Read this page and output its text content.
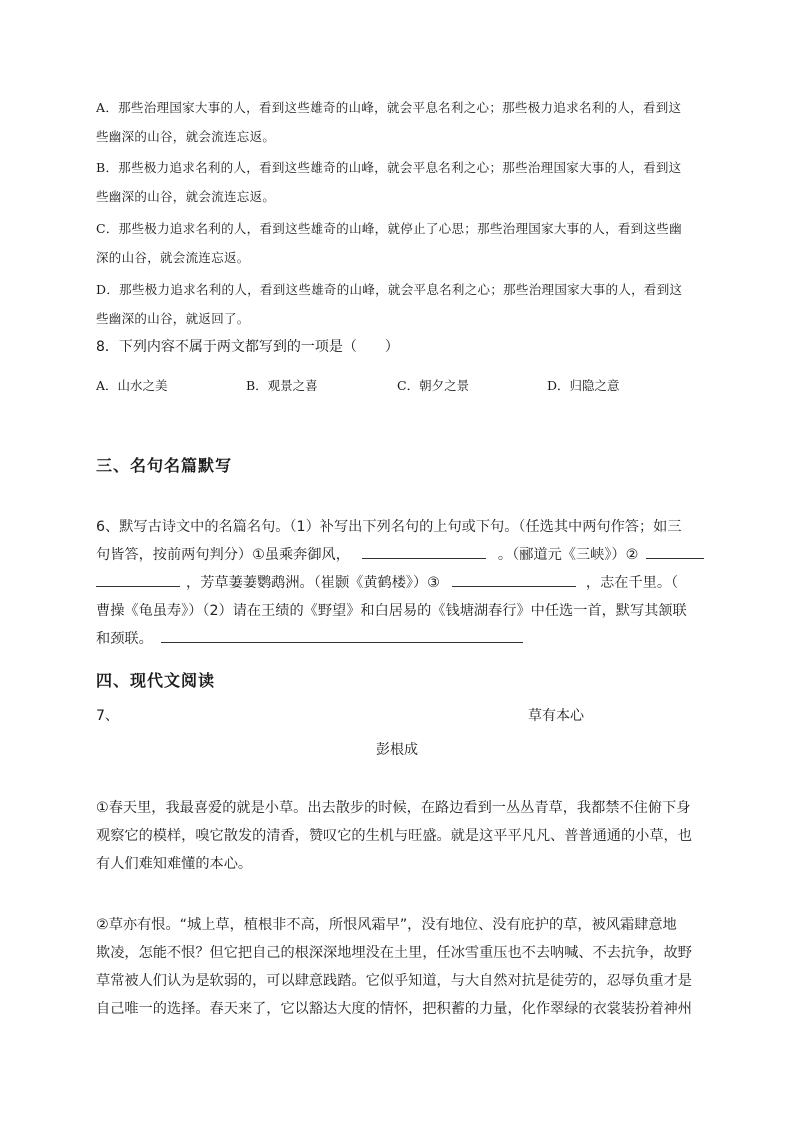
A．那些治理国家大事的人，看到这些雄奇的山峰，就会平息名利之心；那些极力追求名利的人，看到这
些幽深的山谷，就会流连忘返。
B．那些极力追求名利的人，看到这些雄奇的山峰，就会平息名利之心；那些治理国家大事的人，看到这
些幽深的山谷，就会流连忘返。
C．那些极力追求名利的人，看到这些雄奇的山峰，就停止了心思；那些治理国家大事的人，看到这些幽
深的山谷，就会流连忘返。
D．那些极力追求名利的人，看到这些雄奇的山峰，就会平息名利之心；那些治理国家大事的人，看到这
些幽深的山谷，就返回了。
8．下列内容不属于两文都写到的一项是（　　）
A．山水之美	B．观景之喜	C．朝夕之景	D．归隐之意
三、名句名篇默写
6、默写古诗文中的名篇名句。（1）补写出下列名句的上句或下句。（任选其中两句作答；如三
句皆答，按前两句判分）①虽乘奔御风，	。（郦道元《三峡》）②
，芳草萋萋鹦鹉洲。（崔颢《黄鹤楼》）③	，志在千里。（
曹操《龟虽寿》）（2）请在王绩的《野望》和白居易的《钱塘湖春行》中任选一首，默写其颔联
和颈联。
四、现代文阅读
7、	草有本心
彭根成
①春天里，我最喜爱的就是小草。出去散步的时候，在路边看到一丛丛青草，我都禁不住俯下身
观察它的模样，嗅它散发的清香，赞叹它的生机与旺盛。就是这平平凡凡、普普通通的小草，也
有人们难知难懂的本心。
②草亦有恨。“城上草，植根非不高，所恨风霜早”，没有地位、没有庇护的草，被风霜肆意地
欺凌，怎能不恨？但它把自己的根深深地埋没在土里，任冰雪重压也不去呐喊、不去抗争，故野
草常被人们认为是软弱的，可以肆意践踏。它似乎知道，与大自然对抗是徒劳的，忍辱负重才是
自己唯一的选择。春天来了，它以豁达大度的情怀，把积蓄的力量，化作翠绿的衣裳装扮着神州
